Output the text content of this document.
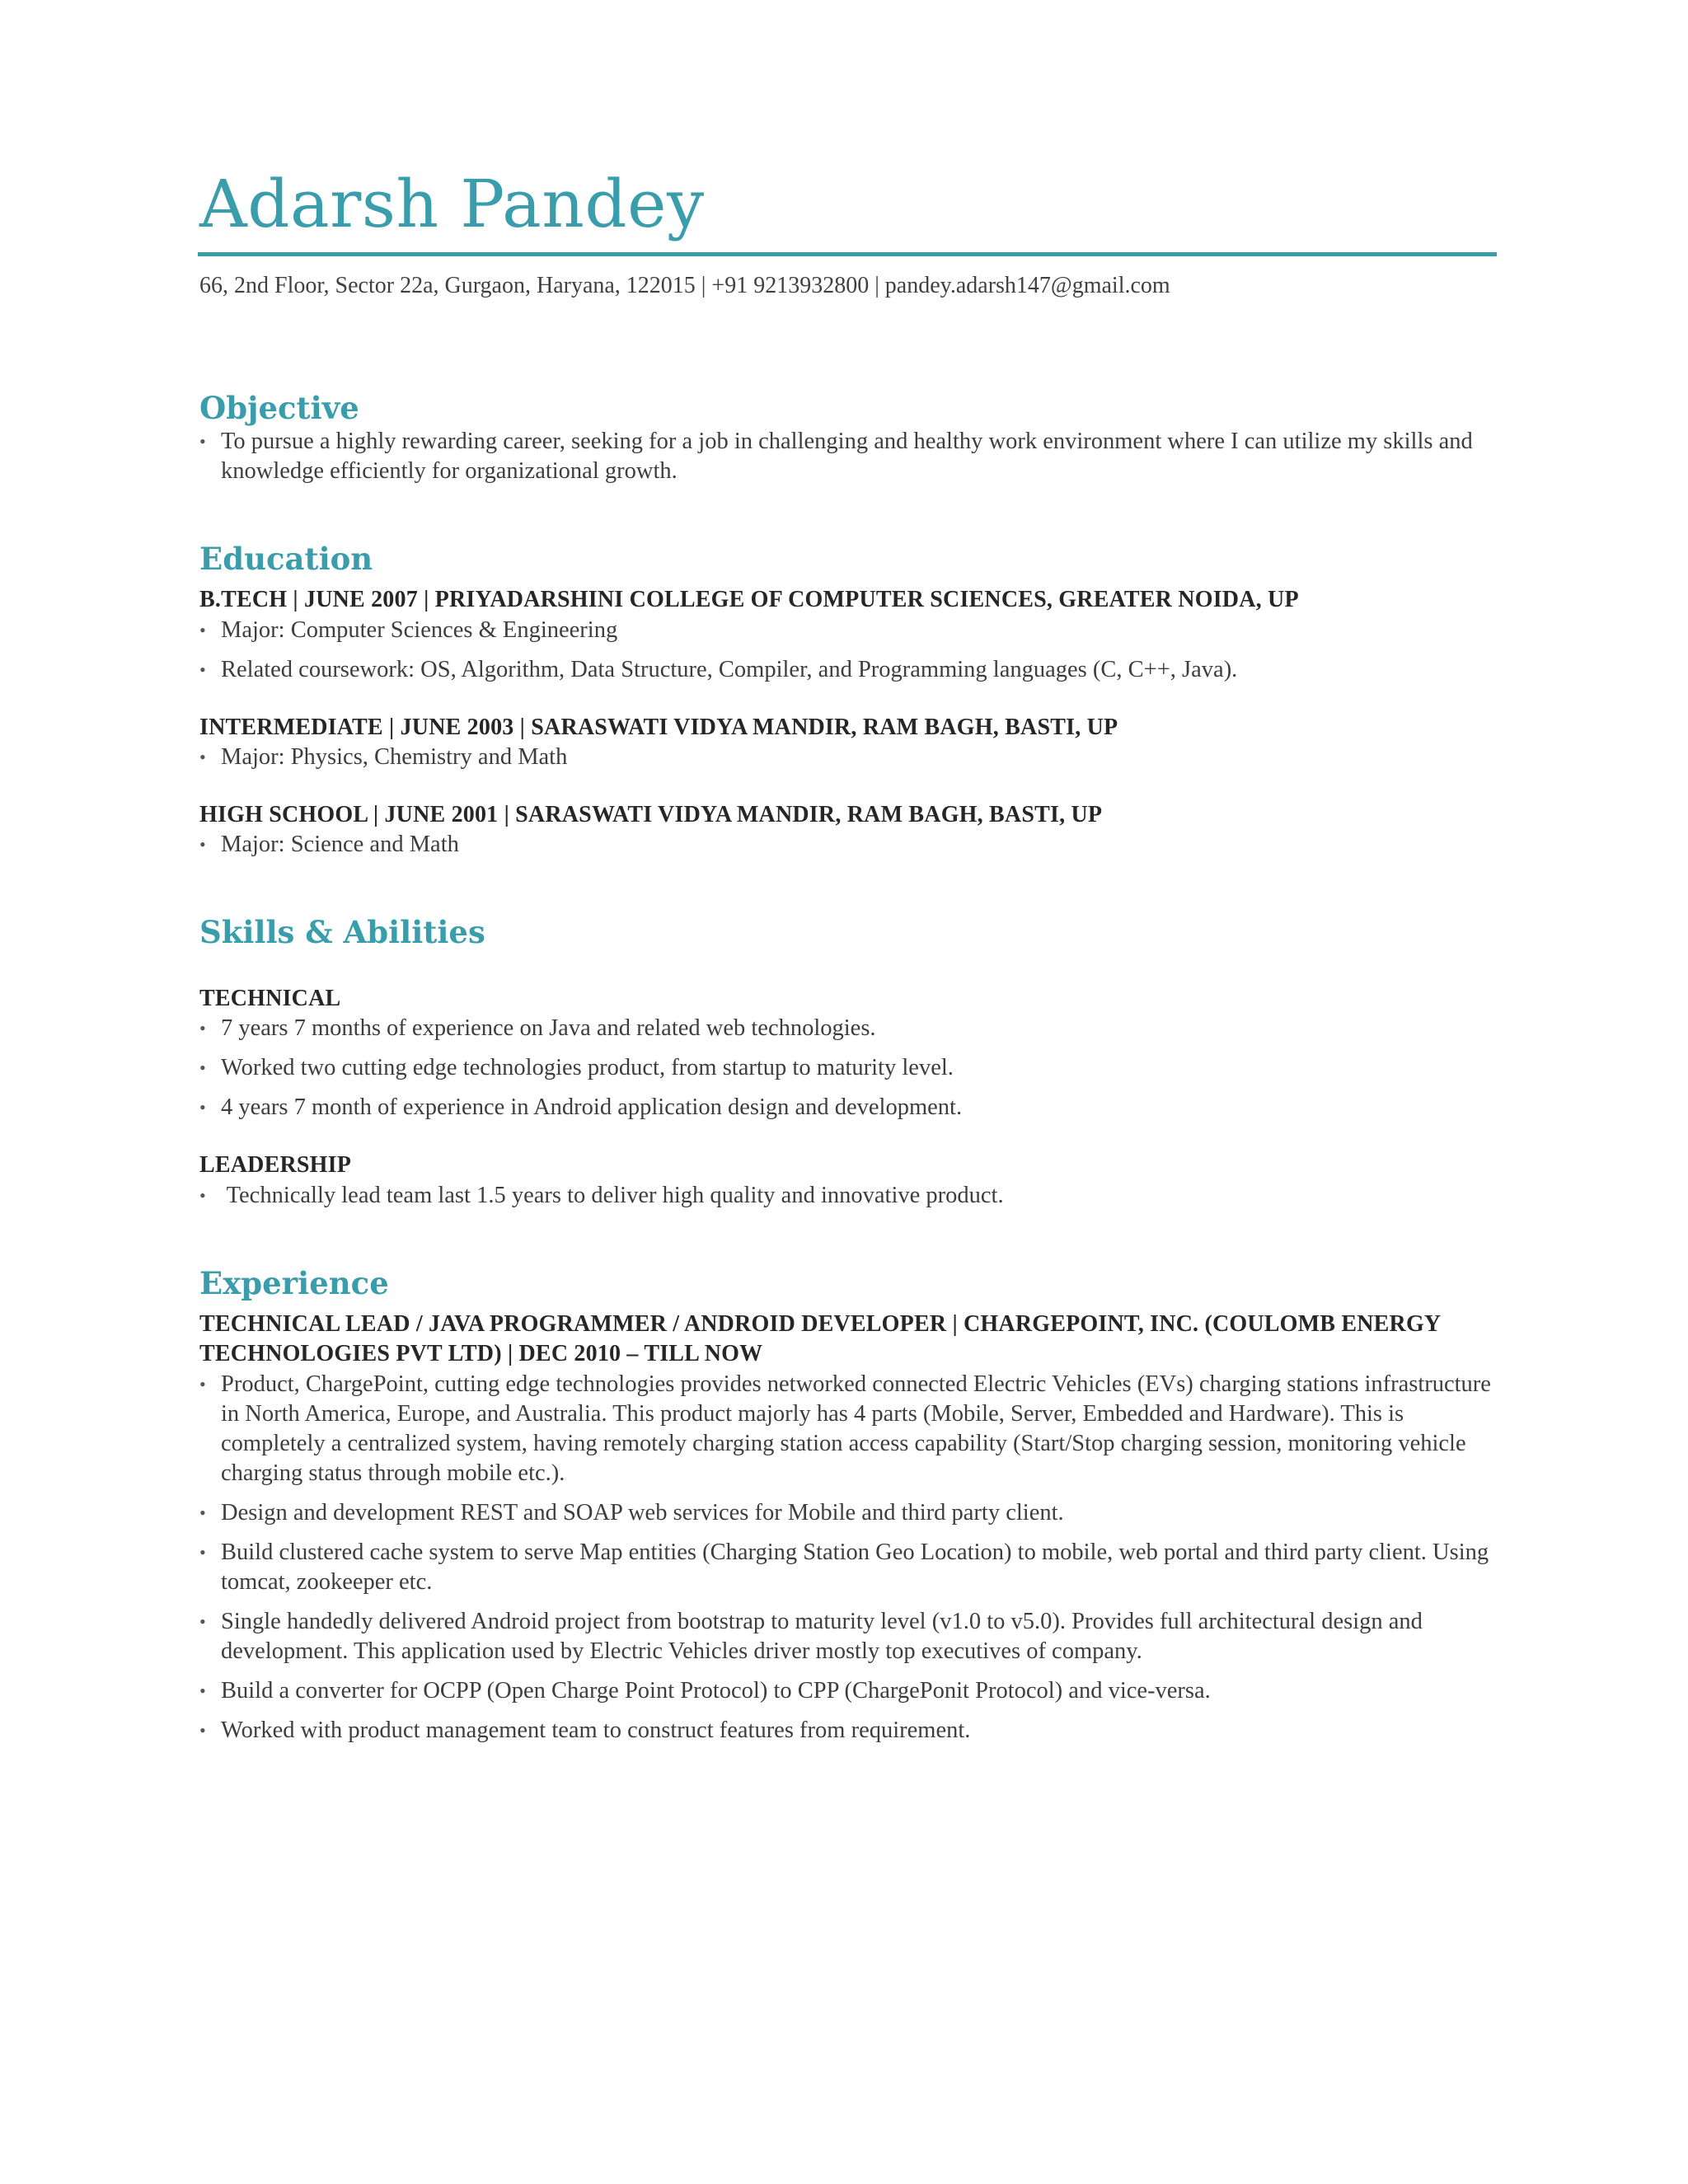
Adarsh Pandey
66, 2nd Floor, Sector 22a, Gurgaon, Haryana, 122015 | +91 9213932800 | pandey.adarsh147@gmail.com
Objective
• To pursue a highly rewarding career, seeking for a job in challenging and healthy work environment where I can utilize my skills and knowledge efficiently for organizational growth.
Education
B.TECH | JUNE 2007 | PRIYADARSHINI COLLEGE OF COMPUTER SCIENCES, GREATER NOIDA, UP
• Major: Computer Sciences & Engineering
• Related coursework: OS, Algorithm, Data Structure, Compiler, and Programming languages (C, C++, Java).
INTERMEDIATE | JUNE 2003 | SARASWATI VIDYA MANDIR, RAM BAGH, BASTI, UP
• Major: Physics, Chemistry and Math
HIGH SCHOOL | JUNE 2001 | SARASWATI VIDYA MANDIR, RAM BAGH, BASTI, UP
• Major: Science and Math
Skills & Abilities
TECHNICAL
• 7 years 7 months of experience on Java and related web technologies.
• Worked two cutting edge technologies product, from startup to maturity level.
• 4 years 7 month of experience in Android application design and development.
LEADERSHIP
• Technically lead team last 1.5 years to deliver high quality and innovative product.
Experience
TECHNICAL LEAD / JAVA PROGRAMMER / ANDROID DEVELOPER | CHARGEPOINT, INC. (COULOMB ENERGY TECHNOLOGIES PVT LTD) | DEC 2010 – TILL NOW
• Product, ChargePoint, cutting edge technologies provides networked connected Electric Vehicles (EVs) charging stations infrastructure in North America, Europe, and Australia. This product majorly has 4 parts (Mobile, Server, Embedded and Hardware). This is completely a centralized system, having remotely charging station access capability (Start/Stop charging session, monitoring vehicle charging status through mobile etc.).
• Design and development REST and SOAP web services for Mobile and third party client.
• Build clustered cache system to serve Map entities (Charging Station Geo Location) to mobile, web portal and third party client. Using tomcat, zookeeper etc.
• Single handedly delivered Android project from bootstrap to maturity level (v1.0 to v5.0). Provides full architectural design and development. This application used by Electric Vehicles driver mostly top executives of company.
• Build a converter for OCPP (Open Charge Point Protocol) to CPP (ChargePonit Protocol) and vice-versa.
• Worked with product management team to construct features from requirement.
